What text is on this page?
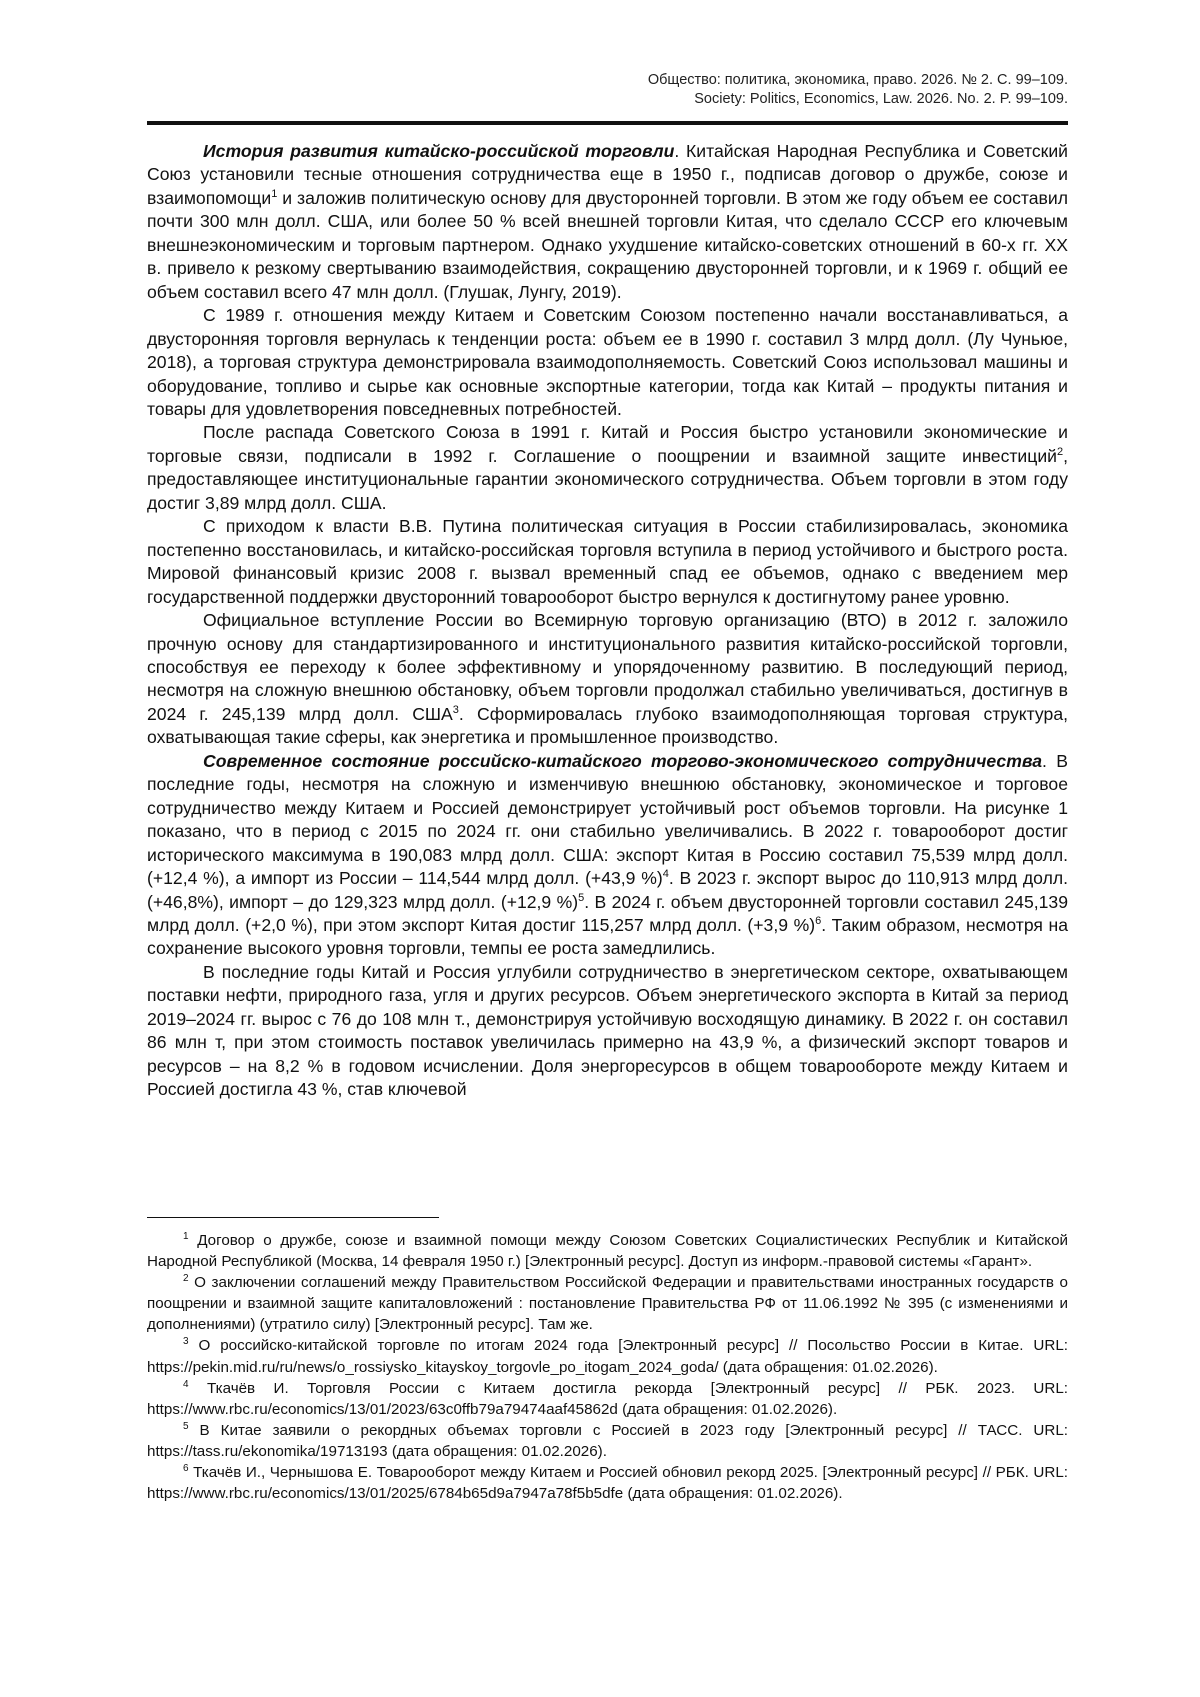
Общество: политика, экономика, право. 2026. № 2. С. 99–109.
Society: Politics, Economics, Law. 2026. No. 2. P. 99–109.

История развития китайско-российской торговли. Китайская Народная Республика и Советский Союз установили тесные отношения сотрудничества еще в 1950 г., подписав договор о дружбе, союзе и взаимопомощи$^1$ и заложив политическую основу для двусторонней торговли. В этом же году объем ее составил почти 300 млн долл. США, или более 50 % всей внешней торговли Китая, что сделало СССР его ключевым внешнеэкономическим и торговым партнером. Однако ухудшение китайско-советских отношений в 60-х гг. XX в. привело к резкому свертыванию взаимодействия, сокращению двусторонней торговли, и к 1969 г. общий ее объем составил всего 47 млн долл. (Глушак, Лунгу, 2019).

С 1989 г. отношения между Китаем и Советским Союзом постепенно начали восстанавливаться, а двусторонняя торговля вернулась к тенденции роста: объем ее в 1990 г. составил 3 млрд долл. (Лу Чуньюе, 2018), а торговая структура демонстрировала взаимодополняемость. Советский Союз использовал машины и оборудование, топливо и сырье как основные экспортные категории, тогда как Китай – продукты питания и товары для удовлетворения повседневных потребностей.

После распада Советского Союза в 1991 г. Китай и Россия быстро установили экономические и торговые связи, подписали в 1992 г. Соглашение о поощрении и взаимной защите инвестиций$^2$, предоставляющее институциональные гарантии экономического сотрудничества. Объем торговли в этом году достиг 3,89 млрд долл. США.

С приходом к власти В.В. Путина политическая ситуация в России стабилизировалась, экономика постепенно восстановилась, и китайско-российская торговля вступила в период устойчивого и быстрого роста. Мировой финансовый кризис 2008 г. вызвал временный спад ее объемов, однако с введением мер государственной поддержки двусторонний товарооборот быстро вернулся к достигнутому ранее уровню.

Официальное вступление России во Всемирную торговую организацию (ВТО) в 2012 г. заложило прочную основу для стандартизированного и институционального развития китайско-российской торговли, способствуя ее переходу к более эффективному и упорядоченному развитию. В последующий период, несмотря на сложную внешнюю обстановку, объем торговли продолжал стабильно увеличиваться, достигнув в 2024 г. 245,139 млрд долл. США$^3$. Сформировалась глубоко взаимодополняющая торговая структура, охватывающая такие сферы, как энергетика и промышленное производство.

Современное состояние российско-китайского торгово-экономического сотрудничества. В последние годы, несмотря на сложную и изменчивую внешнюю обстановку, экономическое и торговое сотрудничество между Китаем и Россией демонстрирует устойчивый рост объемов торговли. На рисунке 1 показано, что в период с 2015 по 2024 гг. они стабильно увеличивались. В 2022 г. товарооборот достиг исторического максимума в 190,083 млрд долл. США: экспорт Китая в Россию составил 75,539 млрд долл. (+12,4 %), а импорт из России – 114,544 млрд долл. (+43,9 %)$^4$. В 2023 г. экспорт вырос до 110,913 млрд долл. (+46,8%), импорт – до 129,323 млрд долл. (+12,9 %)$^5$. В 2024 г. объем двусторонней торговли составил 245,139 млрд долл. (+2,0 %), при этом экспорт Китая достиг 115,257 млрд долл. (+3,9 %)$^6$. Таким образом, несмотря на сохранение высокого уровня торговли, темпы ее роста замедлились.

В последние годы Китай и Россия углубили сотрудничество в энергетическом секторе, охватывающем поставки нефти, природного газа, угля и других ресурсов. Объем энергетического экспорта в Китай за период 2019–2024 гг. вырос с 76 до 108 млн т., демонстрируя устойчивую восходящую динамику. В 2022 г. он составил 86 млн т, при этом стоимость поставок увеличилась примерно на 43,9 %, а физический экспорт товаров и ресурсов – на 8,2 % в годовом исчислении. Доля энергоресурсов в общем товарообороте между Китаем и Россией достигла 43 %, став ключевой

$^1$ Договор о дружбе, союзе и взаимной помощи между Союзом Советских Социалистических Республик и Китайской Народной Республикой (Москва, 14 февраля 1950 г.) [Электронный ресурс]. Доступ из информ.-правовой системы «Гарант».

$^2$ О заключении соглашений между Правительством Российской Федерации и правительствами иностранных государств о поощрении и взаимной защите капиталовложений : постановление Правительства РФ от 11.06.1992 № 395 (с изменениями и дополнениями) (утратило силу) [Электронный ресурс]. Там же.

$^3$ О российско-китайской торговле по итогам 2024 года [Электронный ресурс] // Посольство России в Китае. URL: https://pekin.mid.ru/ru/news/o_rossiysko_kitayskoy_torgovle_po_itogam_2024_goda/ (дата обращения: 01.02.2026).

$^4$ Ткачёв И. Торговля России с Китаем достигла рекорда [Электронный ресурс] // РБК. 2023. URL: https://www.rbc.ru/economics/13/01/2023/63c0ffb79a79474aaf45862d (дата обращения: 01.02.2026).

$^5$ В Китае заявили о рекордных объемах торговли с Россией в 2023 году [Электронный ресурс] // ТАСС. URL: https://tass.ru/ekonomika/19713193 (дата обращения: 01.02.2026).

$^6$ Ткачёв И., Чернышова Е. Товарооборот между Китаем и Россией обновил рекорд 2025. [Электронный ресурс] // РБК. URL: https://www.rbc.ru/economics/13/01/2025/6784b65d9a7947a78f5b5dfe (дата обращения: 01.02.2026).
